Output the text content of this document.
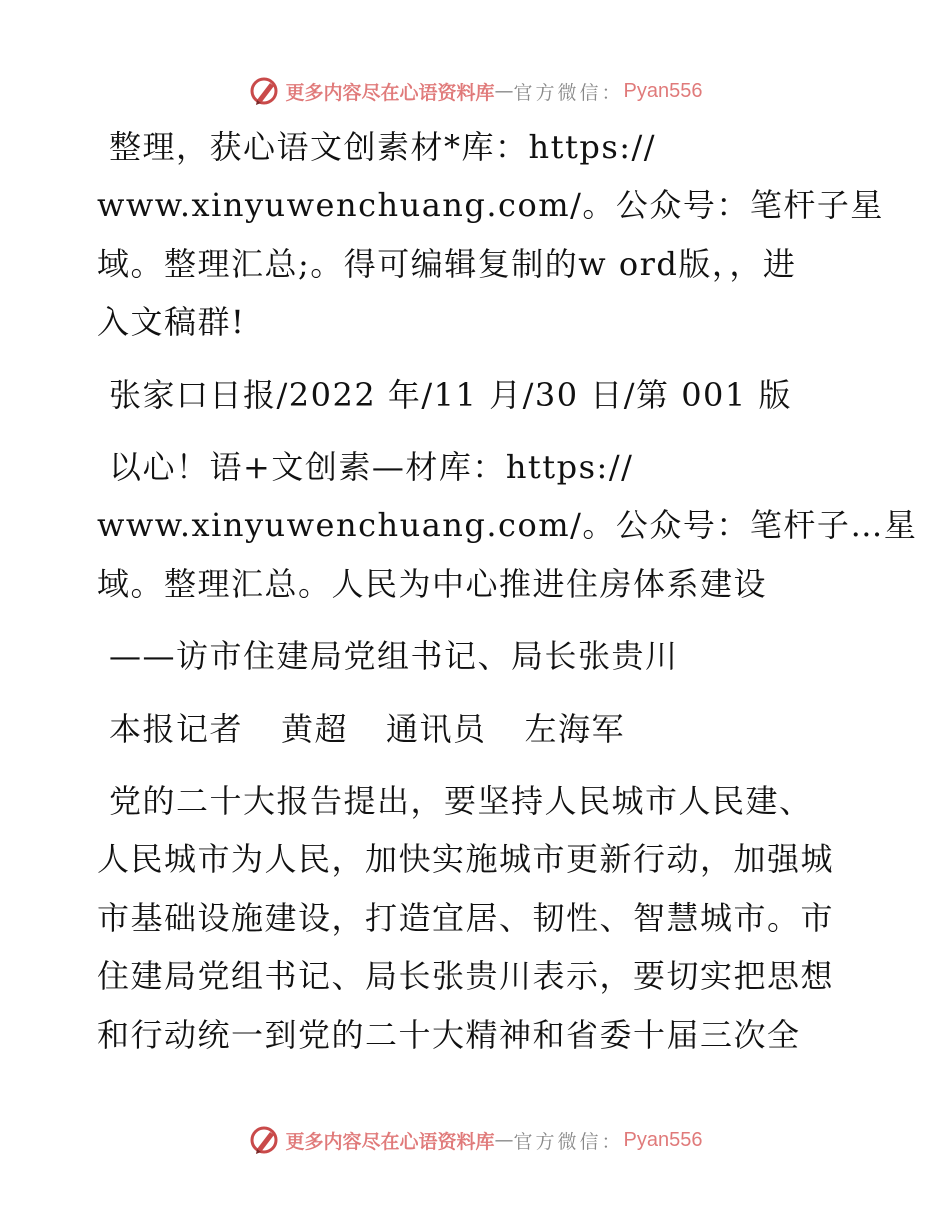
更多内容尽在心语资料库 — 官方微信： Pyan556
整理，获心语文创素材*库：https://
www.xinyuwenchuang.com/。公众号：笔杆子星
域。整理汇总;。得可编辑复制的w ord版，，进
入文稿群!
张家口日报/2022 年/11 月/30 日/第 001 版
以心！语+文创素—材库：https://
www.xinyuwenchuang.com/。公众号：笔杆子…星
域。整理汇总。人民为中心推进住房体系建设
——访市住建局党组书记、局长张贵川
本报记者 黄超 通讯员 左海军
党的二十大报告提出，要坚持人民城市人民建、
人民城市为人民，加快实施城市更新行动，加强城
市基础设施建设，打造宜居、韧性、智慧城市。市
住建局党组书记、局长张贵川表示，要切实把思想
和行动统一到党的二十大精神和省委十届三次全
更多内容尽在心语资料库 — 官方微信： Pyan556
